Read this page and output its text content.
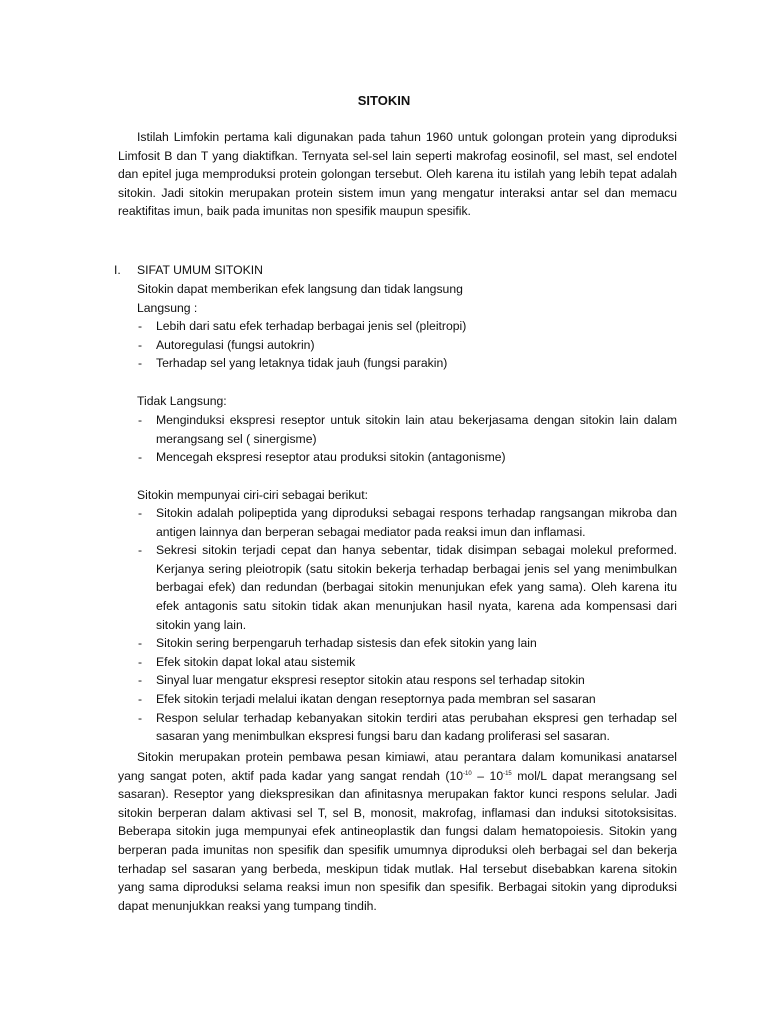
SITOKIN

Istilah Limfokin pertama kali digunakan pada tahun 1960 untuk golongan protein yang diproduksi Limfosit B dan T yang diaktifkan. Ternyata sel-sel lain seperti makrofag eosinofil, sel mast, sel endotel dan epitel juga memproduksi protein golongan tersebut. Oleh karena itu istilah yang lebih tepat adalah sitokin. Jadi sitokin merupakan protein sistem imun yang mengatur interaksi antar sel dan memacu reaktifitas imun, baik pada imunitas non spesifik maupun spesifik.

I. SIFAT UMUM SITOKIN
Sitokin dapat memberikan efek langsung dan tidak langsung
Langsung :
- Lebih dari satu efek terhadap berbagai jenis sel (pleitropi)
- Autoregulasi (fungsi autokrin)
- Terhadap sel yang letaknya tidak jauh (fungsi parakin)
Tidak Langsung:
- Menginduksi ekspresi reseptor untuk sitokin lain atau bekerjasama dengan sitokin lain dalam merangsang sel ( sinergisme)
- Mencegah ekspresi reseptor atau produksi sitokin (antagonisme)
Sitokin mempunyai ciri-ciri sebagai berikut:
- Sitokin adalah polipeptida yang diproduksi sebagai respons terhadap rangsangan mikroba dan antigen lainnya dan berperan sebagai mediator pada reaksi imun dan inflamasi.
- Sekresi sitokin terjadi cepat dan hanya sebentar, tidak disimpan sebagai molekul preformed. Kerjanya sering pleiotropik (satu sitokin bekerja terhadap berbagai jenis sel yang menimbulkan berbagai efek) dan redundan (berbagai sitokin menunjukan efek yang sama). Oleh karena itu efek antagonis satu sitokin tidak akan menunjukan hasil nyata, karena ada kompensasi dari sitokin yang lain.
- Sitokin sering berpengaruh terhadap sistesis dan efek sitokin yang lain
- Efek sitokin dapat lokal atau sistemik
- Sinyal luar mengatur ekspresi reseptor sitokin atau respons sel terhadap sitokin
- Efek sitokin terjadi melalui ikatan dengan reseptornya pada membran sel sasaran
- Respon selular terhadap kebanyakan sitokin terdiri atas perubahan ekspresi gen terhadap sel sasaran yang menimbulkan ekspresi fungsi baru dan kadang proliferasi sel sasaran.

Sitokin merupakan protein pembawa pesan kimiawi, atau perantara dalam komunikasi anatarsel yang sangat poten, aktif pada kadar yang sangat rendah ($10^{-10} - 10^{-15}$ mol/L dapat merangsang sel sasaran). Reseptor yang diekspresikan dan afinitasnya merupakan faktor kunci respons selular. Jadi sitokin berperan dalam aktivasi sel T, sel B, monosit, makrofag, inflamasi dan induksi sitotoksisitas. Beberapa sitokin juga mempunyai efek antineoplastik dan fungsi dalam hematopoiesis. Sitokin yang berperan pada imunitas non spesifik dan spesifik umumnya diproduksi oleh berbagai sel dan bekerja terhadap sel sasaran yang berbeda, meskipun tidak mutlak. Hal tersebut disebabkan karena sitokin yang sama diproduksi selama reaksi imun non spesifik dan spesifik. Berbagai sitokin yang diproduksi dapat menunjukkan reaksi yang tumpang tindih.
